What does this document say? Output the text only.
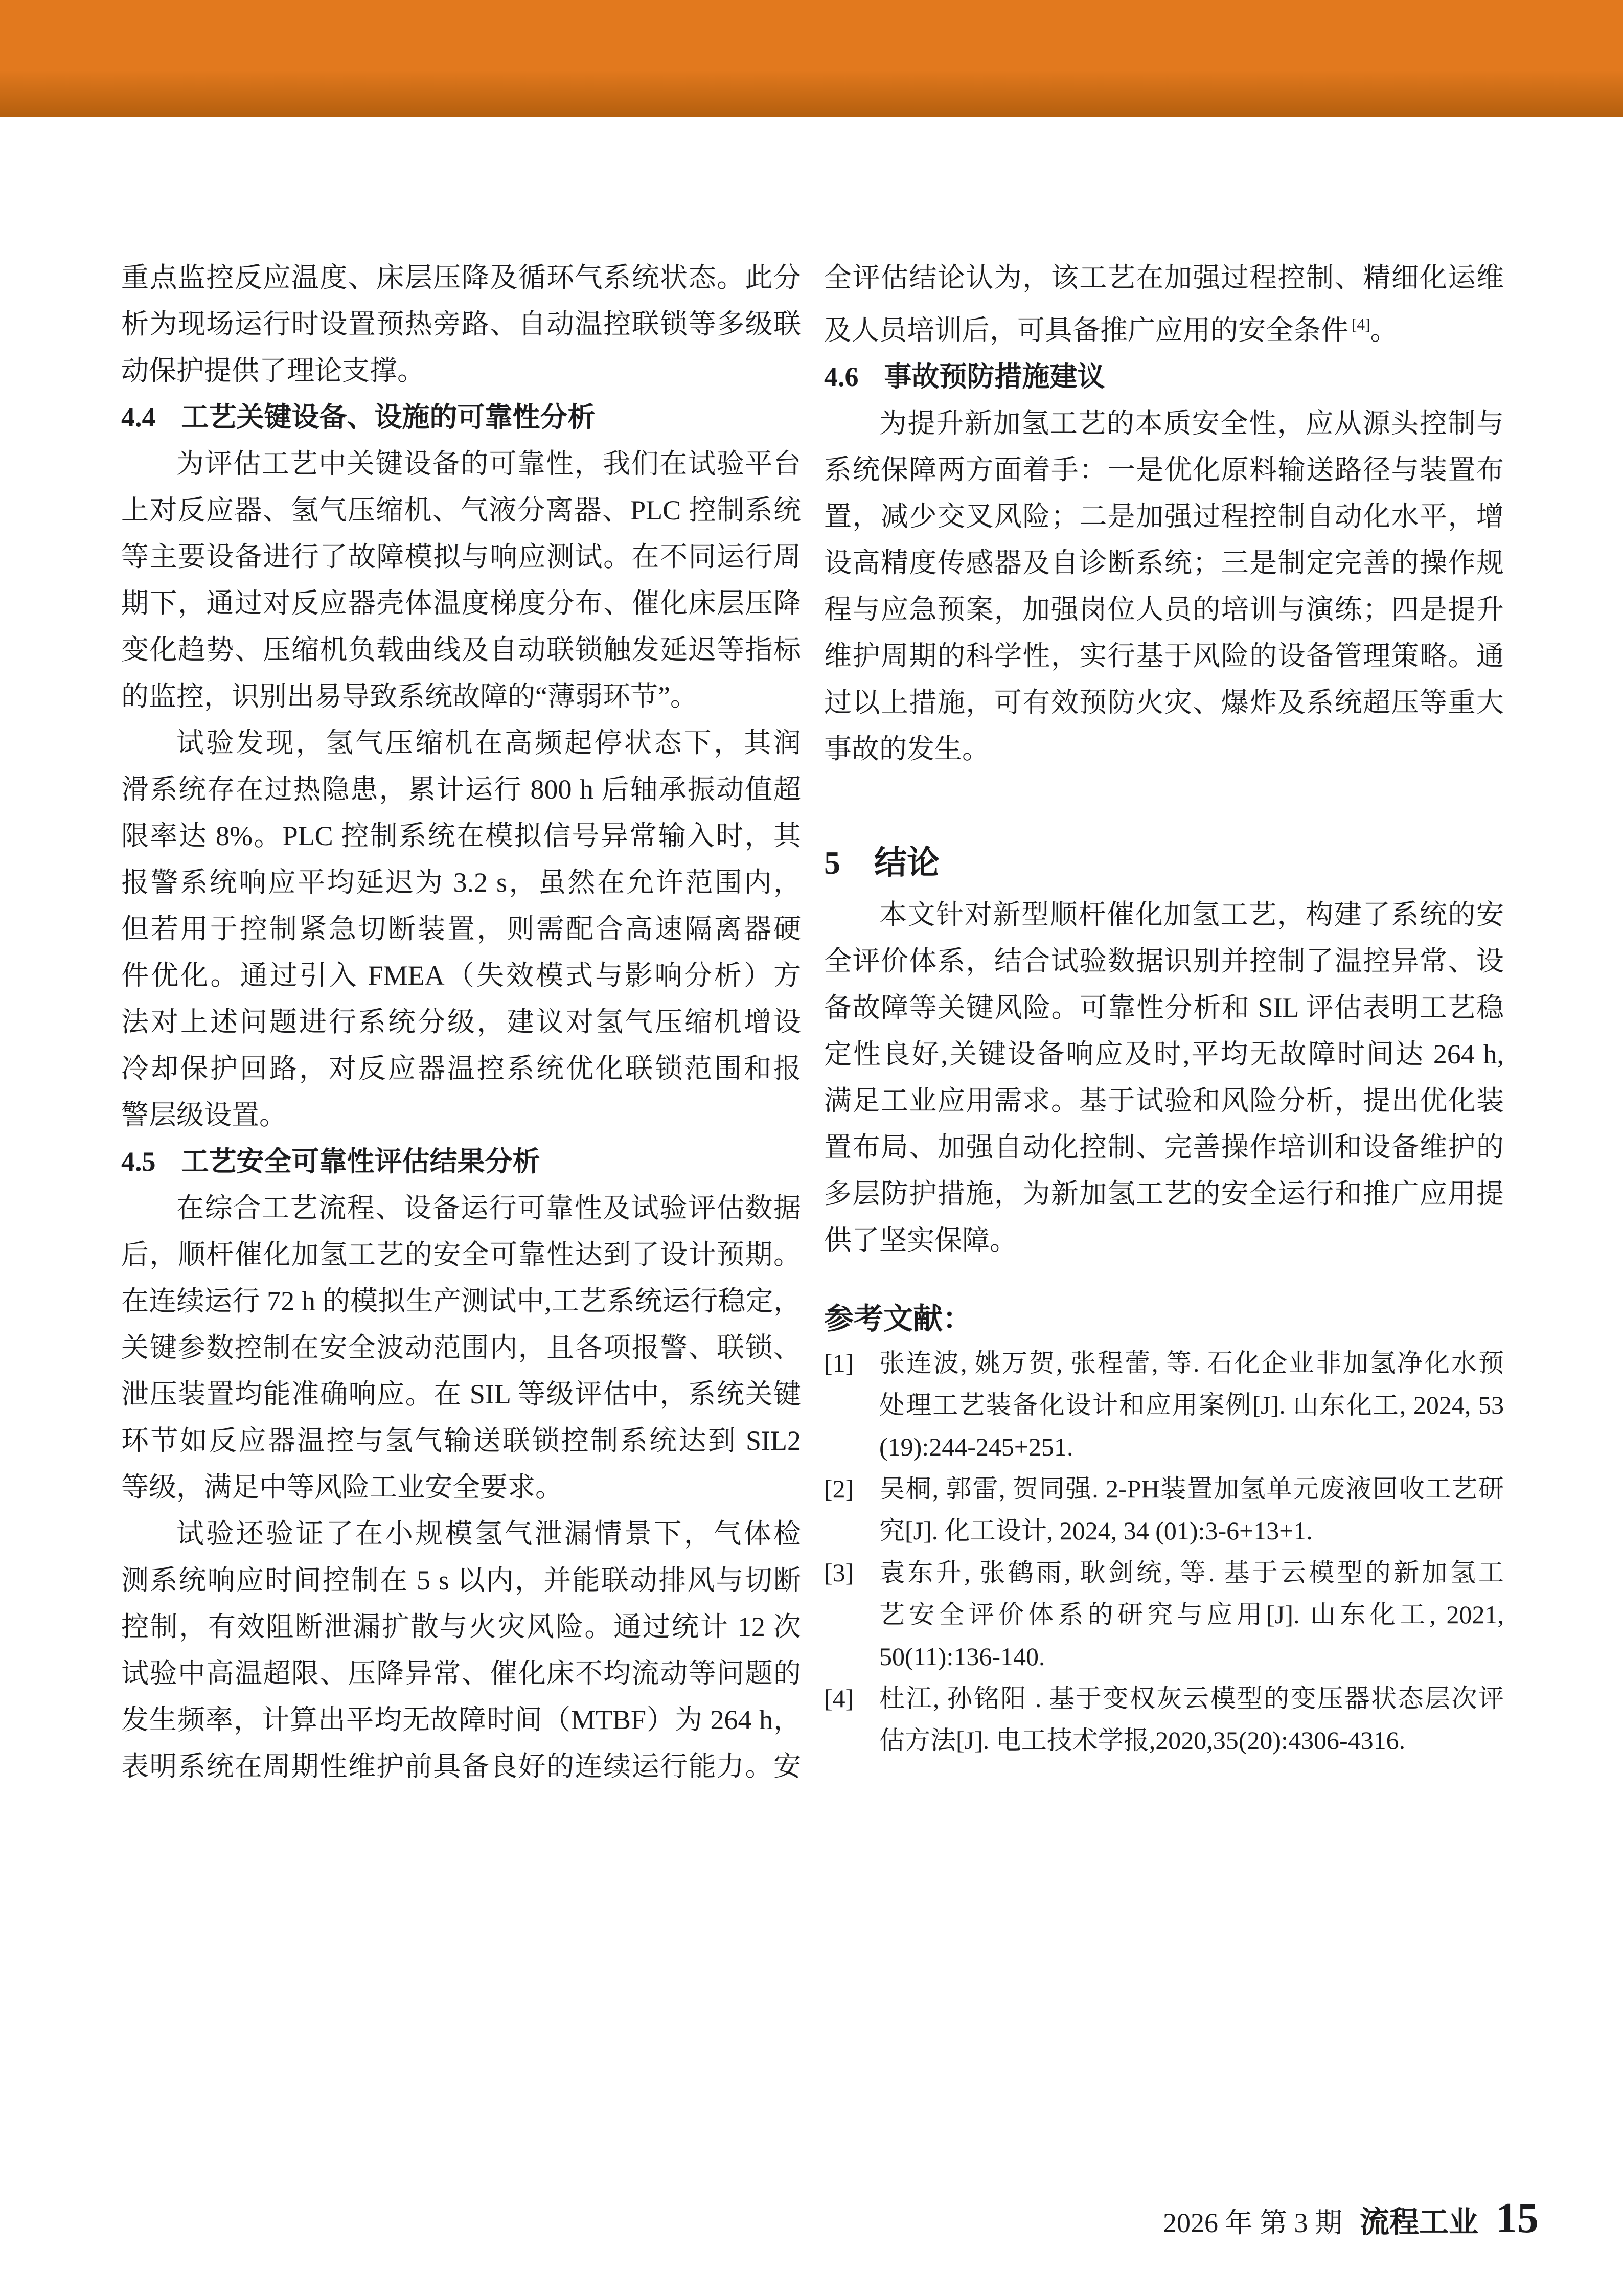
重点监控反应温度、床层压降及循环气系统状态。此分
析为现场运行时设置预热旁路、自动温控联锁等多级联
动保护提供了理论支撑。
4.4 工艺关键设备、设施的可靠性分析
为评估工艺中关键设备的可靠性，我们在试验平台
上对反应器、氢气压缩机、气液分离器、PLC 控制系统
等主要设备进行了故障模拟与响应测试。在不同运行周
期下，通过对反应器壳体温度梯度分布、催化床层压降
变化趋势、压缩机负载曲线及自动联锁触发延迟等指标
的监控，识别出易导致系统故障的“薄弱环节”。
试验发现，氢气压缩机在高频起停状态下，其润
滑系统存在过热隐患，累计运行 800 h 后轴承振动值超
限率达 8%。PLC 控制系统在模拟信号异常输入时，其
报警系统响应平均延迟为 3.2 s，虽然在允许范围内，
但若用于控制紧急切断装置，则需配合高速隔离器硬
件优化。通过引入 FMEA（失效模式与影响分析）方
法对上述问题进行系统分级，建议对氢气压缩机增设
冷却保护回路，对反应器温控系统优化联锁范围和报
警层级设置。
4.5 工艺安全可靠性评估结果分析
在综合工艺流程、设备运行可靠性及试验评估数据
后，顺杆催化加氢工艺的安全可靠性达到了设计预期。
在连续运行 72 h 的模拟生产测试中,工艺系统运行稳定，
关键参数控制在安全波动范围内，且各项报警、联锁、
泄压装置均能准确响应。在 SIL 等级评估中，系统关键
环节如反应器温控与氢气输送联锁控制系统达到 SIL2
等级，满足中等风险工业安全要求。
试验还验证了在小规模氢气泄漏情景下，气体检
测系统响应时间控制在 5 s 以内，并能联动排风与切断
控制，有效阻断泄漏扩散与火灾风险。通过统计 12 次
试验中高温超限、压降异常、催化床不均流动等问题的
发生频率，计算出平均无故障时间（MTBF）为 264 h，
表明系统在周期性维护前具备良好的连续运行能力。安
全评估结论认为，该工艺在加强过程控制、精细化运维
及人员培训后，可具备推广应用的安全条件 [4]。
4.6 事故预防措施建议
为提升新加氢工艺的本质安全性，应从源头控制与
系统保障两方面着手：一是优化原料输送路径与装置布
置，减少交叉风险；二是加强过程控制自动化水平，增
设高精度传感器及自诊断系统；三是制定完善的操作规
程与应急预案，加强岗位人员的培训与演练；四是提升
维护周期的科学性，实行基于风险的设备管理策略。通
过以上措施，可有效预防火灾、爆炸及系统超压等重大
事故的发生。
5 结论
本文针对新型顺杆催化加氢工艺，构建了系统的安
全评价体系，结合试验数据识别并控制了温控异常、设
备故障等关键风险。可靠性分析和 SIL 评估表明工艺稳
定性良好,关键设备响应及时,平均无故障时间达 264 h,
满足工业应用需求。基于试验和风险分析，提出优化装
置布局、加强自动化控制、完善操作培训和设备维护的
多层防护措施，为新加氢工艺的安全运行和推广应用提
供了坚实保障。
参考文献：
[1] 张连波, 姚万贺, 张程蕾, 等. 石化企业非加氢净化水预
处理工艺装备化设计和应用案例[J]. 山东化工, 2024, 53
(19):244-245+251.
[2] 吴桐, 郭雷, 贺同强. 2-PH装置加氢单元废液回收工艺研
究[J]. 化工设计, 2024, 34 (01):3-6+13+1.
[3] 袁东升, 张鹤雨, 耿剑统, 等. 基于云模型的新加氢工
艺安全评价体系的研究与应用[J]. 山东化工, 2021,
50(11):136-140.
[4] 杜江, 孙铭阳 . 基于变权灰云模型的变压器状态层次评
估方法[J]. 电工技术学报,2020,35(20):4306-4316.
2026 年 第 3 期 流程工业 15
